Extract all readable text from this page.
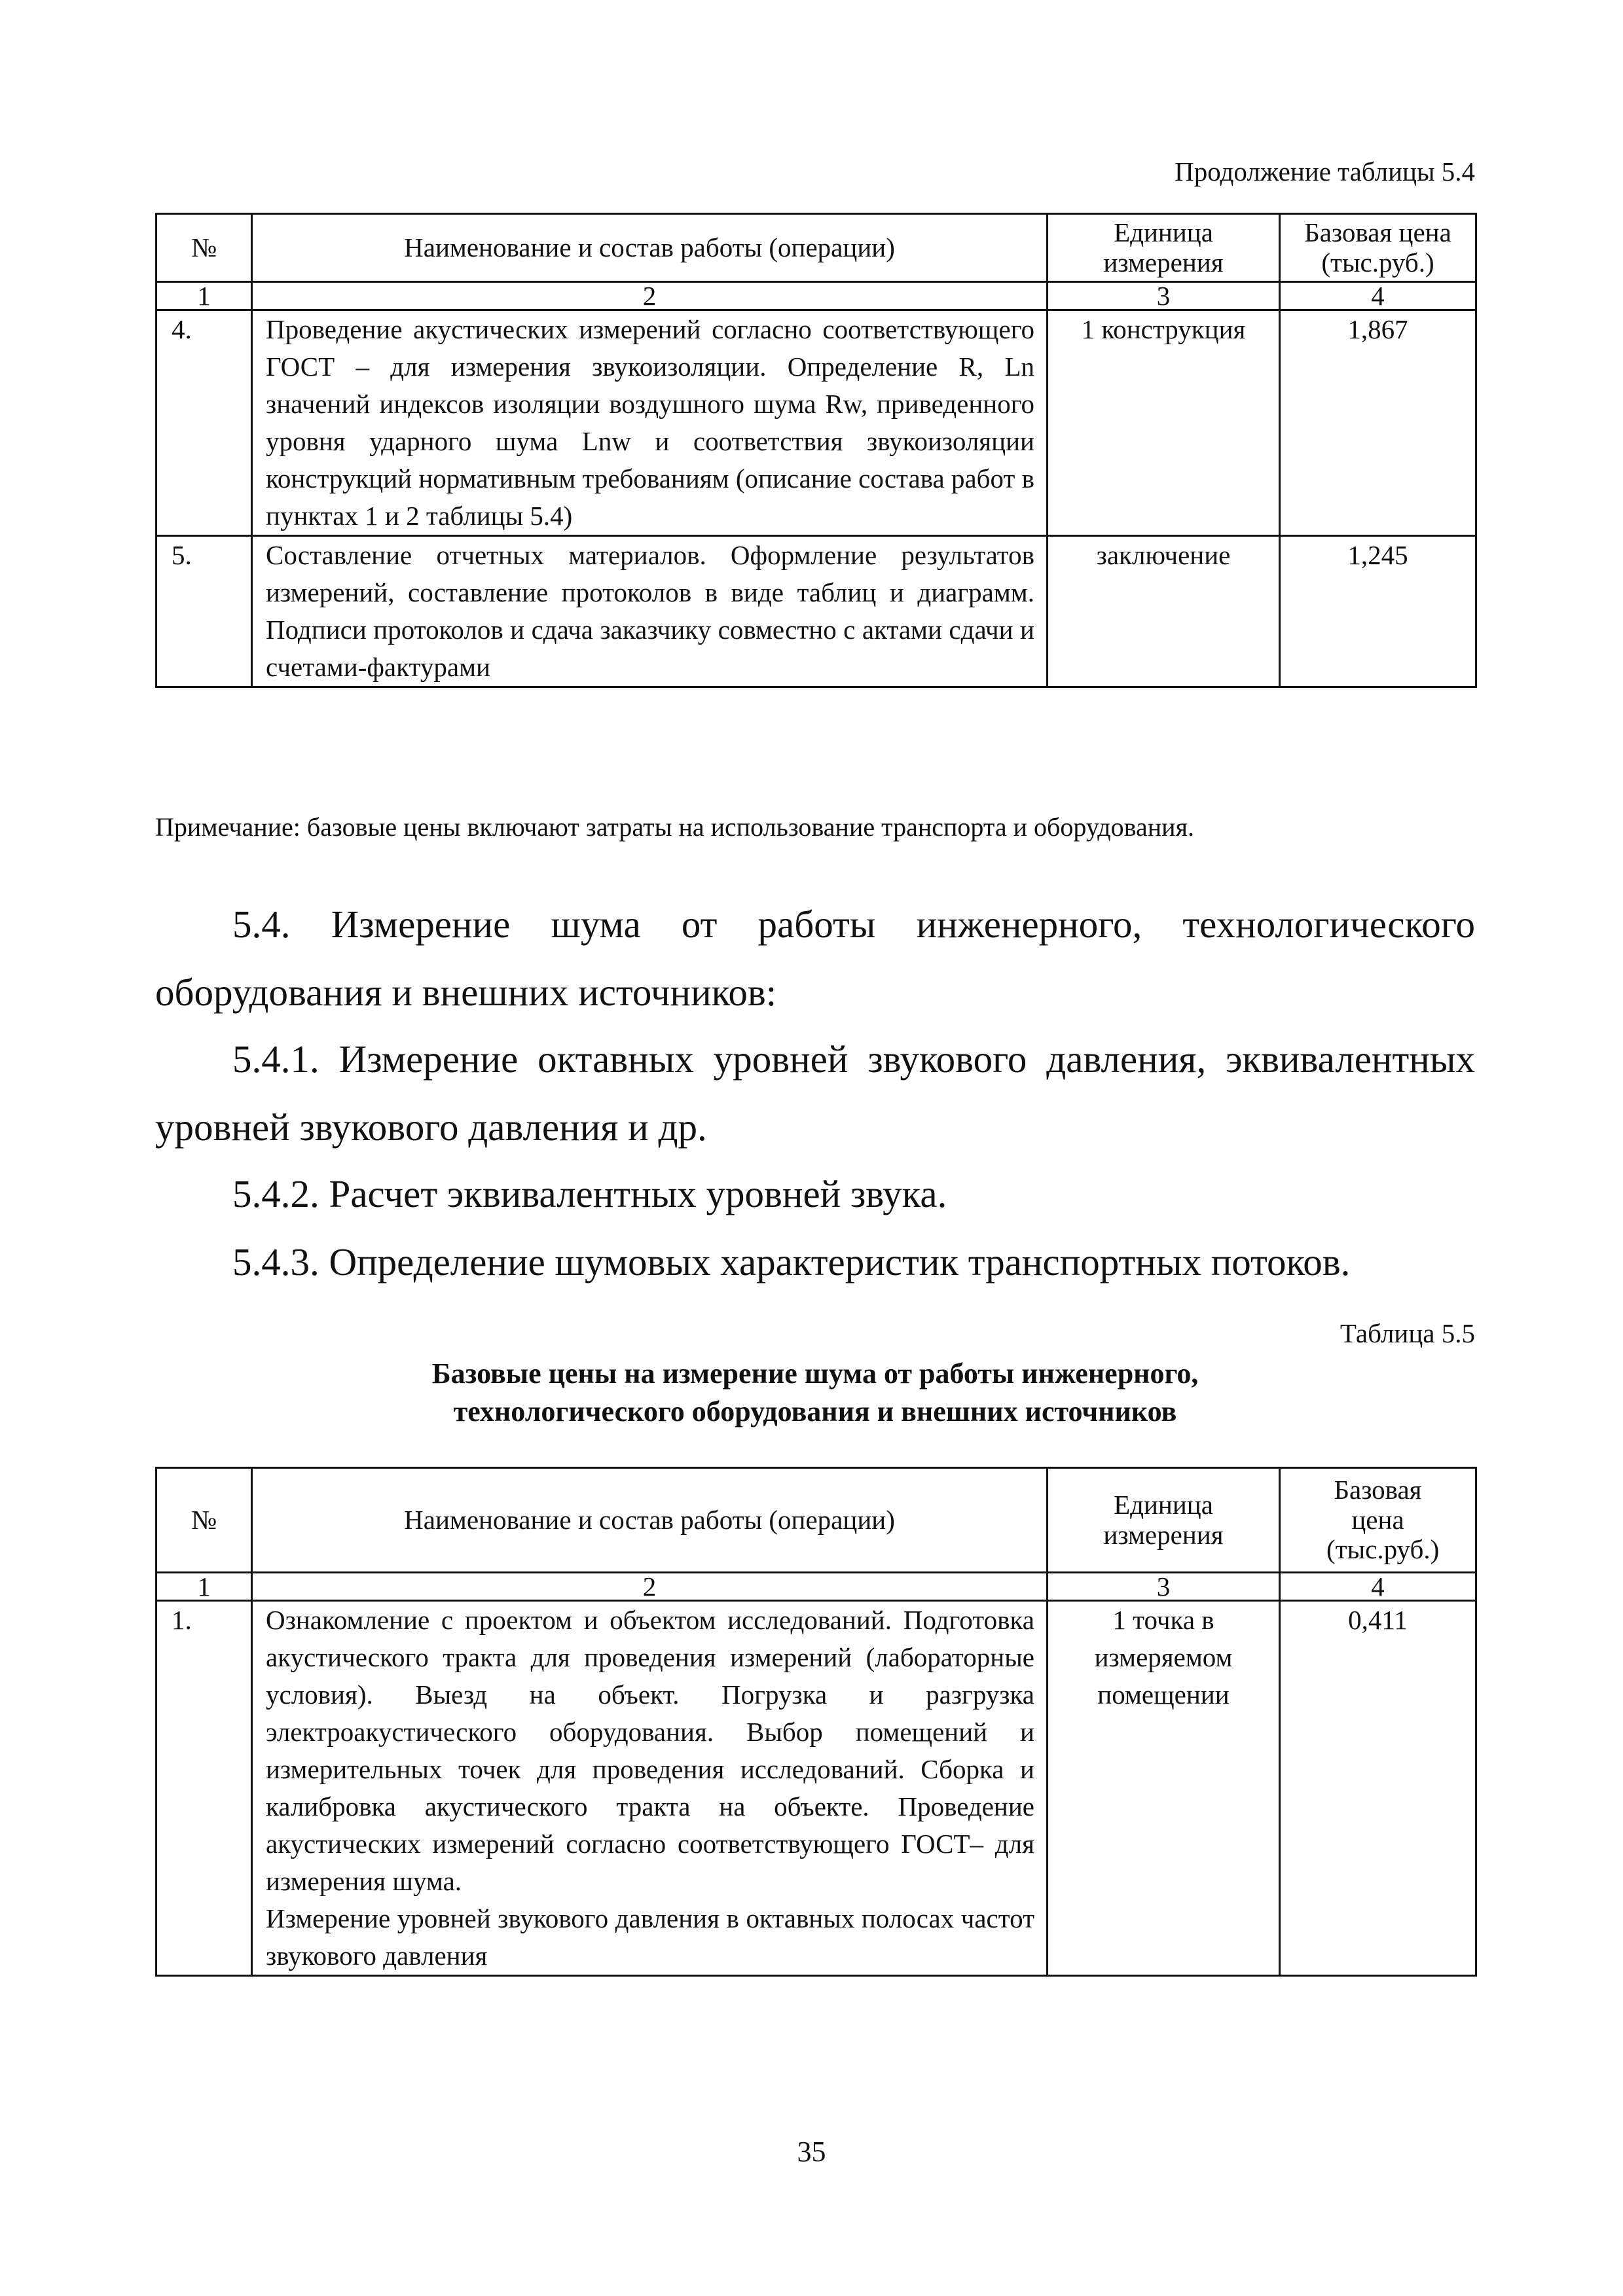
Продолжение таблицы 5.4
№	Наименование и состав работы (операции)	Единица измерения	Базовая цена (тыс.руб.)
1	2	3	4
4.	Проведение акустических измерений согласно соответствующего ГОСТ – для измерения звукоизоляции. Определение R, Ln значений индексов изоляции воздушного шума Rw, приведенного уровня ударного шума Lnw и соответствия звукоизоляции конструкций нормативным требованиям (описание состава работ в пунктах 1 и 2 таблицы 5.4)	1 конструкция	1,867
5.	Составление отчетных материалов. Оформление результатов измерений, составление протоколов в виде таблиц и диаграмм. Подписи протоколов и сдача заказчику совместно с актами сдачи и счетами-фактурами	заключение	1,245
Примечание: базовые цены включают затраты на использование транспорта и оборудования.
5.4. Измерение шума от работы инженерного, технологического оборудования и внешних источников:
5.4.1. Измерение октавных уровней звукового давления, эквивалентных уровней звукового давления и др.
5.4.2. Расчет эквивалентных уровней звука.
5.4.3. Определение шумовых характеристик транспортных потоков.
Таблица 5.5
Базовые цены на измерение шума от работы инженерного,
технологического оборудования и внешних источников
№	Наименование и состав работы (операции)	Единица измерения	Базовая цена (тыс.руб.)
1	2	3	4
1.	Ознакомление с проектом и объектом исследований. Подготовка акустического тракта для проведения измерений (лабораторные условия). Выезд на объект. Погрузка и разгрузка электроакустического оборудования. Выбор помещений и измерительных точек для проведения исследований. Сборка и калибровка акустического тракта на объекте. Проведение акустических измерений согласно соответствующего ГОСТ– для измерения шума.
Измерение уровней звукового давления в октавных полосах частот звукового давления	1 точка в измеряемом помещении	0,411
35
